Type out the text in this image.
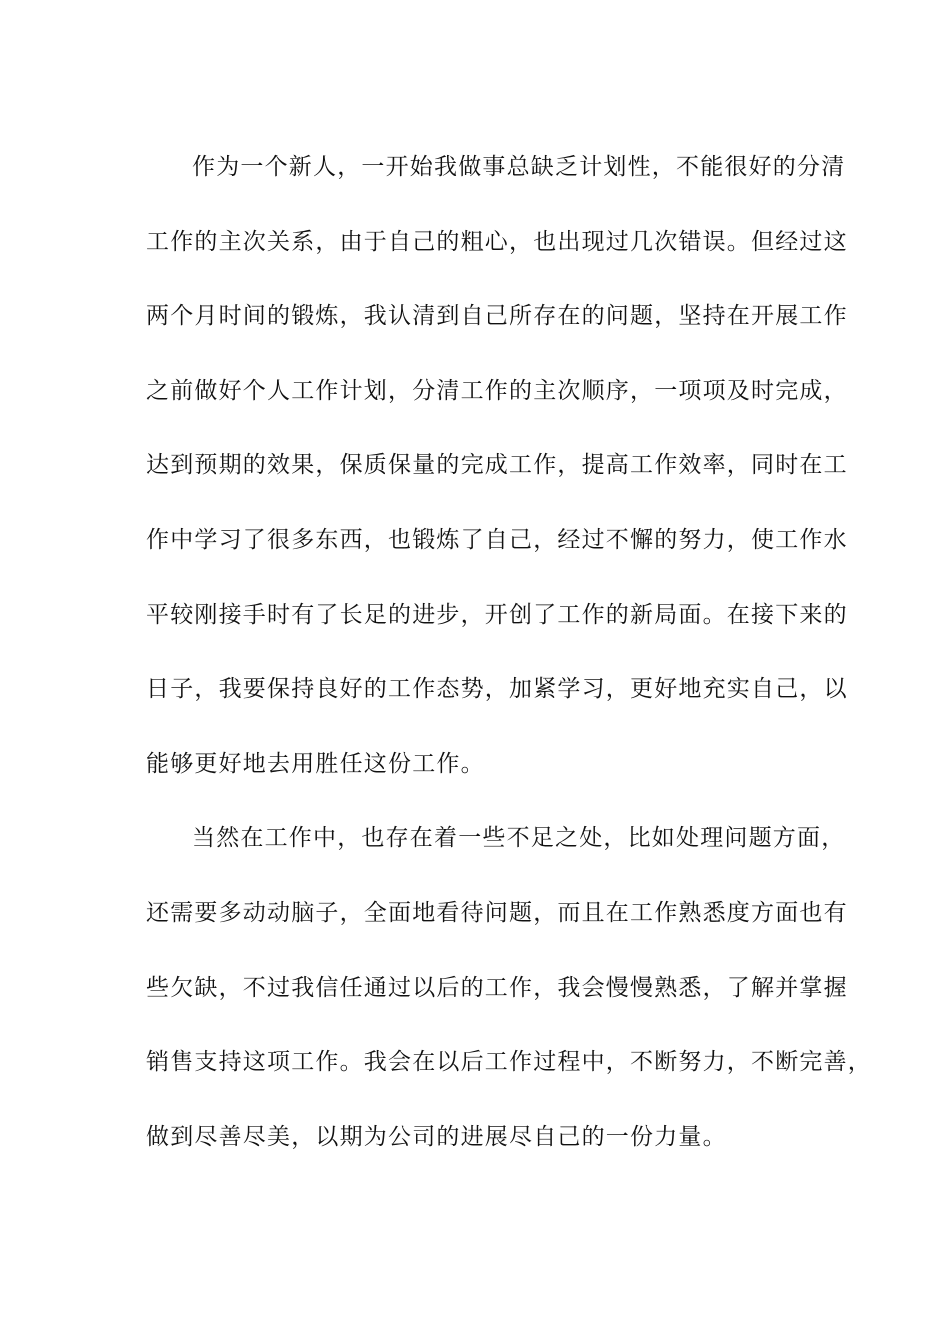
作为一个新人，一开始我做事总缺乏计划性，不能很好的分清
工作的主次关系，由于自己的粗心，也出现过几次错误。但经过这
两个月时间的锻炼，我认清到自己所存在的问题，坚持在开展工作
之前做好个人工作计划，分清工作的主次顺序，一项项及时完成，
达到预期的效果，保质保量的完成工作，提高工作效率，同时在工
作中学习了很多东西，也锻炼了自己，经过不懈的努力，使工作水
平较刚接手时有了长足的进步，开创了工作的新局面。在接下来的
日子，我要保持良好的工作态势，加紧学习，更好地充实自己，以
能够更好地去用胜任这份工作。
当然在工作中，也存在着一些不足之处，比如处理问题方面，
还需要多动动脑子，全面地看待问题，而且在工作熟悉度方面也有
些欠缺，不过我信任通过以后的工作，我会慢慢熟悉，了解并掌握
销售支持这项工作。我会在以后工作过程中，不断努力，不断完善，
做到尽善尽美，以期为公司的进展尽自己的一份力量。
